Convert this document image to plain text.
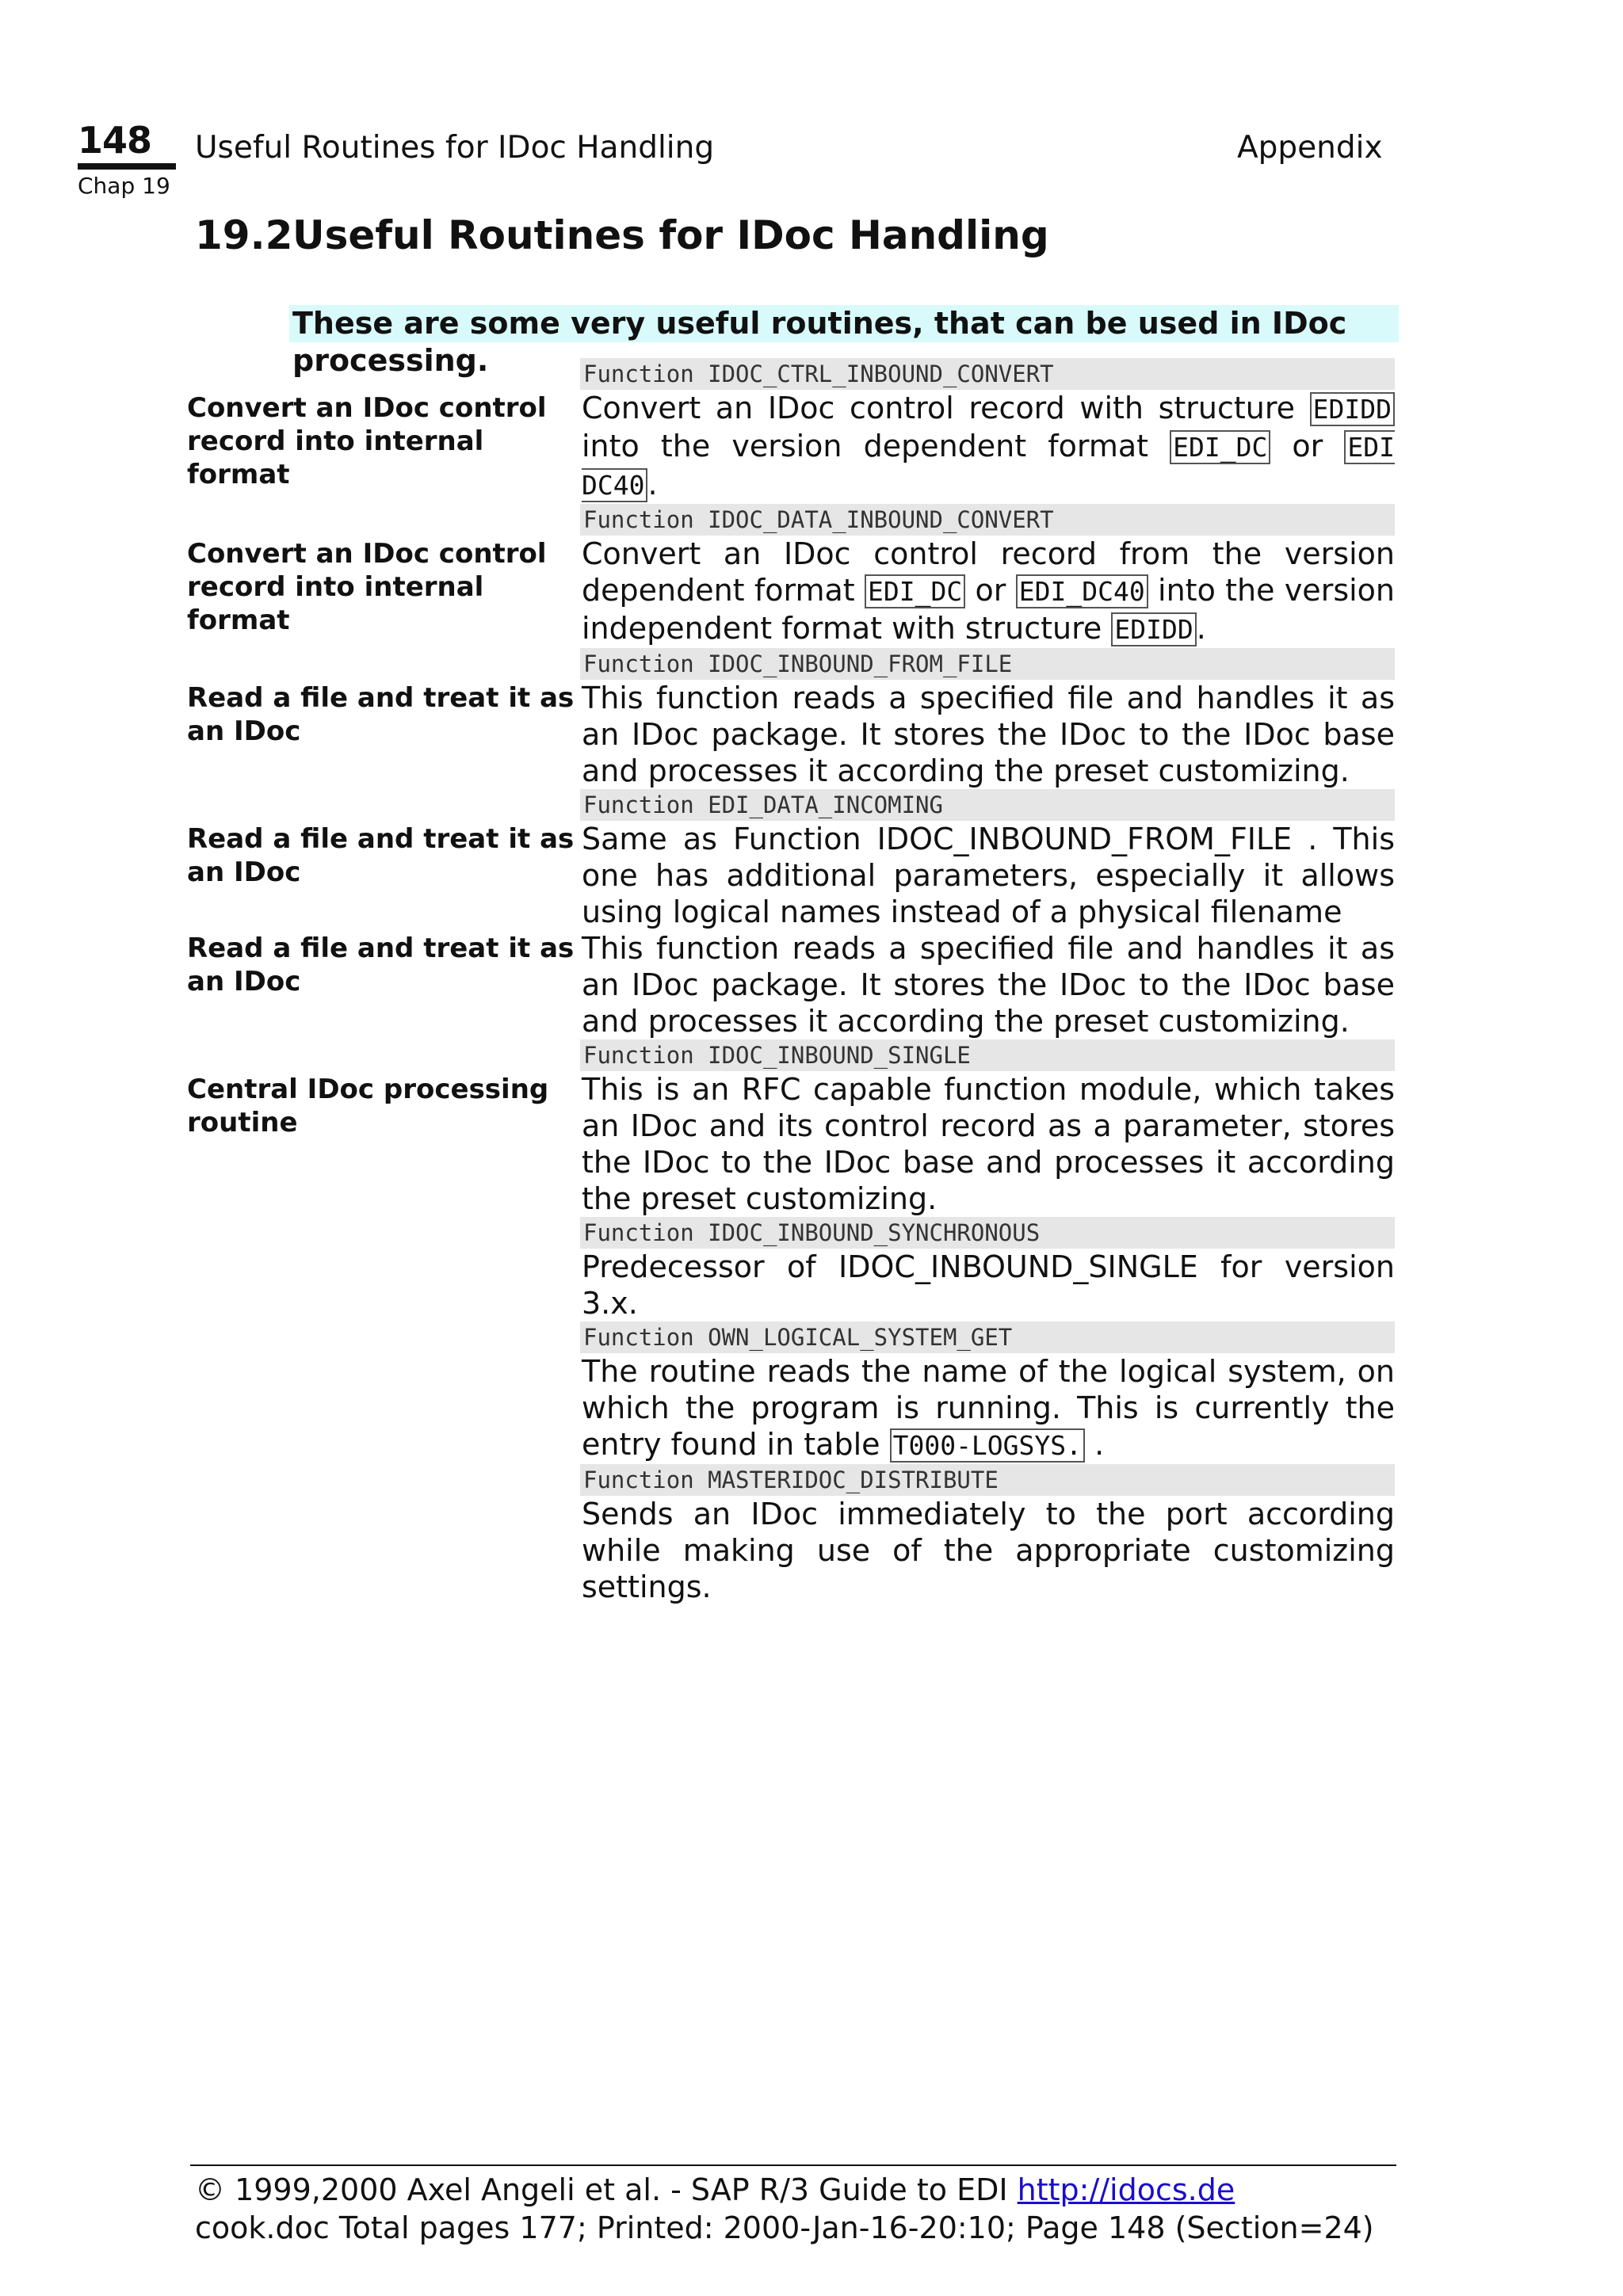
148
Chap 19
Useful Routines for IDoc Handling	Appendix
19.2Useful Routines for IDoc Handling
These are some very useful routines, that can be used in IDoc processing.	Function IDOC_CTRL_INBOUND_CONVERT
Convert an IDoc control record into internal format
Convert an IDoc control record with structure EDIDD into the version dependent format EDI_DC or EDI DC40 .
Function IDOC_DATA_INBOUND_CONVERT
Convert an IDoc control record into internal format
Convert an IDoc control record from the version dependent format EDI_DC or EDI_DC40 into the version independent format with structure EDIDD .
Function IDOC_INBOUND_FROM_FILE
Read a file and treat it as an IDoc
This function reads a specified file and handles it as an IDoc package. It stores the IDoc to the IDoc base and processes it according the preset customizing.
Function EDI_DATA_INCOMING
Read a file and treat it as an IDoc
Same as Function IDOC_INBOUND_FROM_FILE . This one has additional parameters, especially it allows using logical names instead of a physical filename
Read a file and treat it as an IDoc
This function reads a specified file and handles it as an IDoc package. It stores the IDoc to the IDoc base and processes it according the preset customizing.
Function IDOC_INBOUND_SINGLE
Central IDoc processing routine
This is an RFC capable function module, which takes an IDoc and its control record as a parameter, stores the IDoc to the IDoc base and processes it according the preset customizing.
Function IDOC_INBOUND_SYNCHRONOUS
Predecessor of IDOC_INBOUND_SINGLE for version 3.x.
Function OWN_LOGICAL_SYSTEM_GET
The routine reads the name of the logical system, on which the program is running. This is currently the entry found in table T000-LOGSYS. .
Function MASTERIDOC_DISTRIBUTE
Sends an IDoc immediately to the port according while making use of the appropriate customizing settings.
© 1999,2000 Axel Angeli et al. - SAP R/3 Guide to EDI http://idocs.de
cook.doc Total pages 177; Printed: 2000-Jan-16-20:10; Page 148 (Section=24)
